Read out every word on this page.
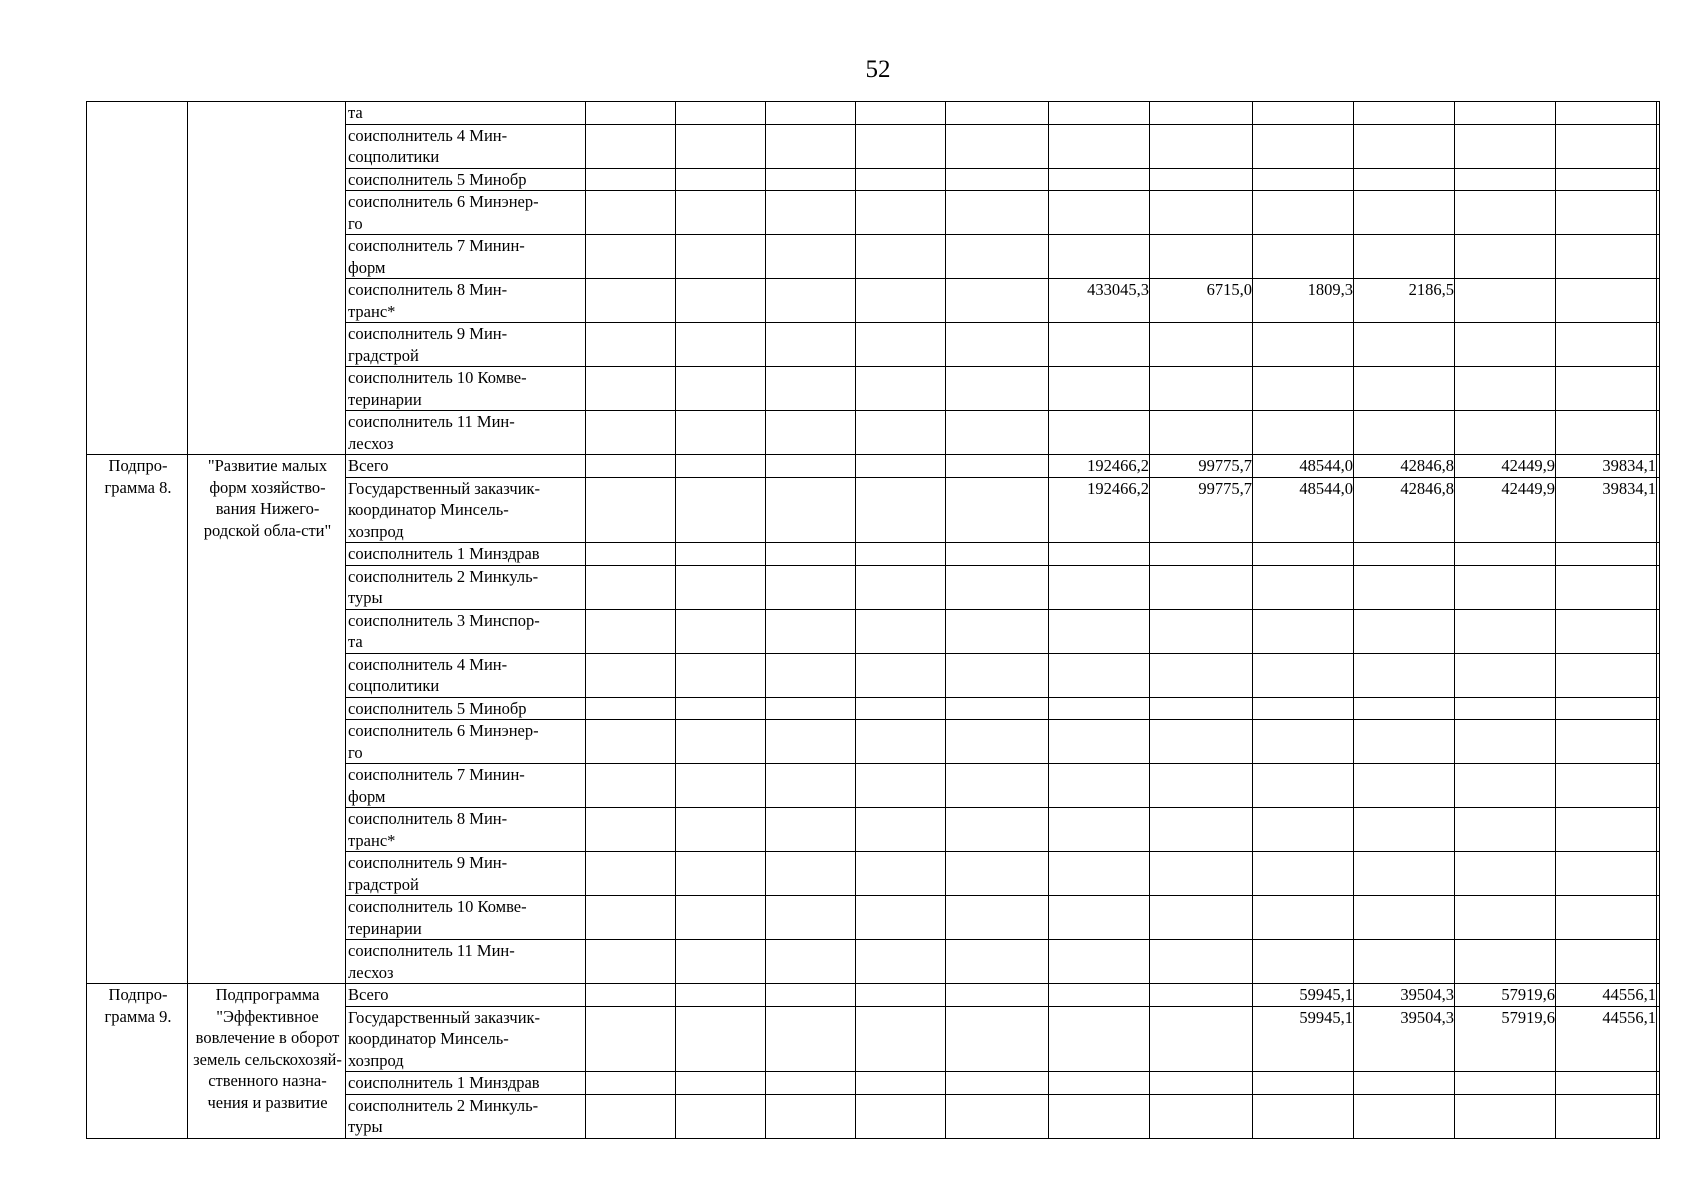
52
		та												
		соисполнитель 4 Мин-
соцполитики												
		соисполнитель 5 Минобр												
		соисполнитель 6 Минэнер-
го												
		соисполнитель 7 Минин-
форм												
		соисполнитель 8 Мин-
транс*						433045,3	6715,0	1809,3	2186,5			
		соисполнитель 9 Мин-
градстрой												
		соисполнитель 10 Комве-
теринарии												
		соисполнитель 11 Мин-
лесхоз												
Подпро-
грамма 8.	"Развитие малых форм хозяйство-вания Нижего-родской обла-сти"	Всего						192466,2	99775,7	48544,0	42846,8	42449,9	39834,1	
		Государственный заказчик-
координатор Минсель-
хозпрод						192466,2	99775,7	48544,0	42846,8	42449,9	39834,1	
		соисполнитель 1 Минздрав												
		соисполнитель 2 Минкуль-
туры												
		соисполнитель 3 Минспор-
та												
		соисполнитель 4 Мин-
соцполитики												
		соисполнитель 5 Минобр												
		соисполнитель 6 Минэнер-
го												
		соисполнитель 7 Минин-
форм												
		соисполнитель 8 Мин-
транс*												
		соисполнитель 9 Мин-
градстрой												
		соисполнитель 10 Комве-
теринарии												
		соисполнитель 11 Мин-
лесхоз												
Подпро-
грамма 9.	Подпрограмма "Эффективное вовлечение в оборот земель сельскохозяй-ственного назна-чения и развитие	Всего								59945,1	39504,3	57919,6	44556,1	
		Государственный заказчик-
координатор Минсель-
хозпрод								59945,1	39504,3	57919,6	44556,1	
		соисполнитель 1 Минздрав												
		соисполнитель 2 Минкуль-
туры												
